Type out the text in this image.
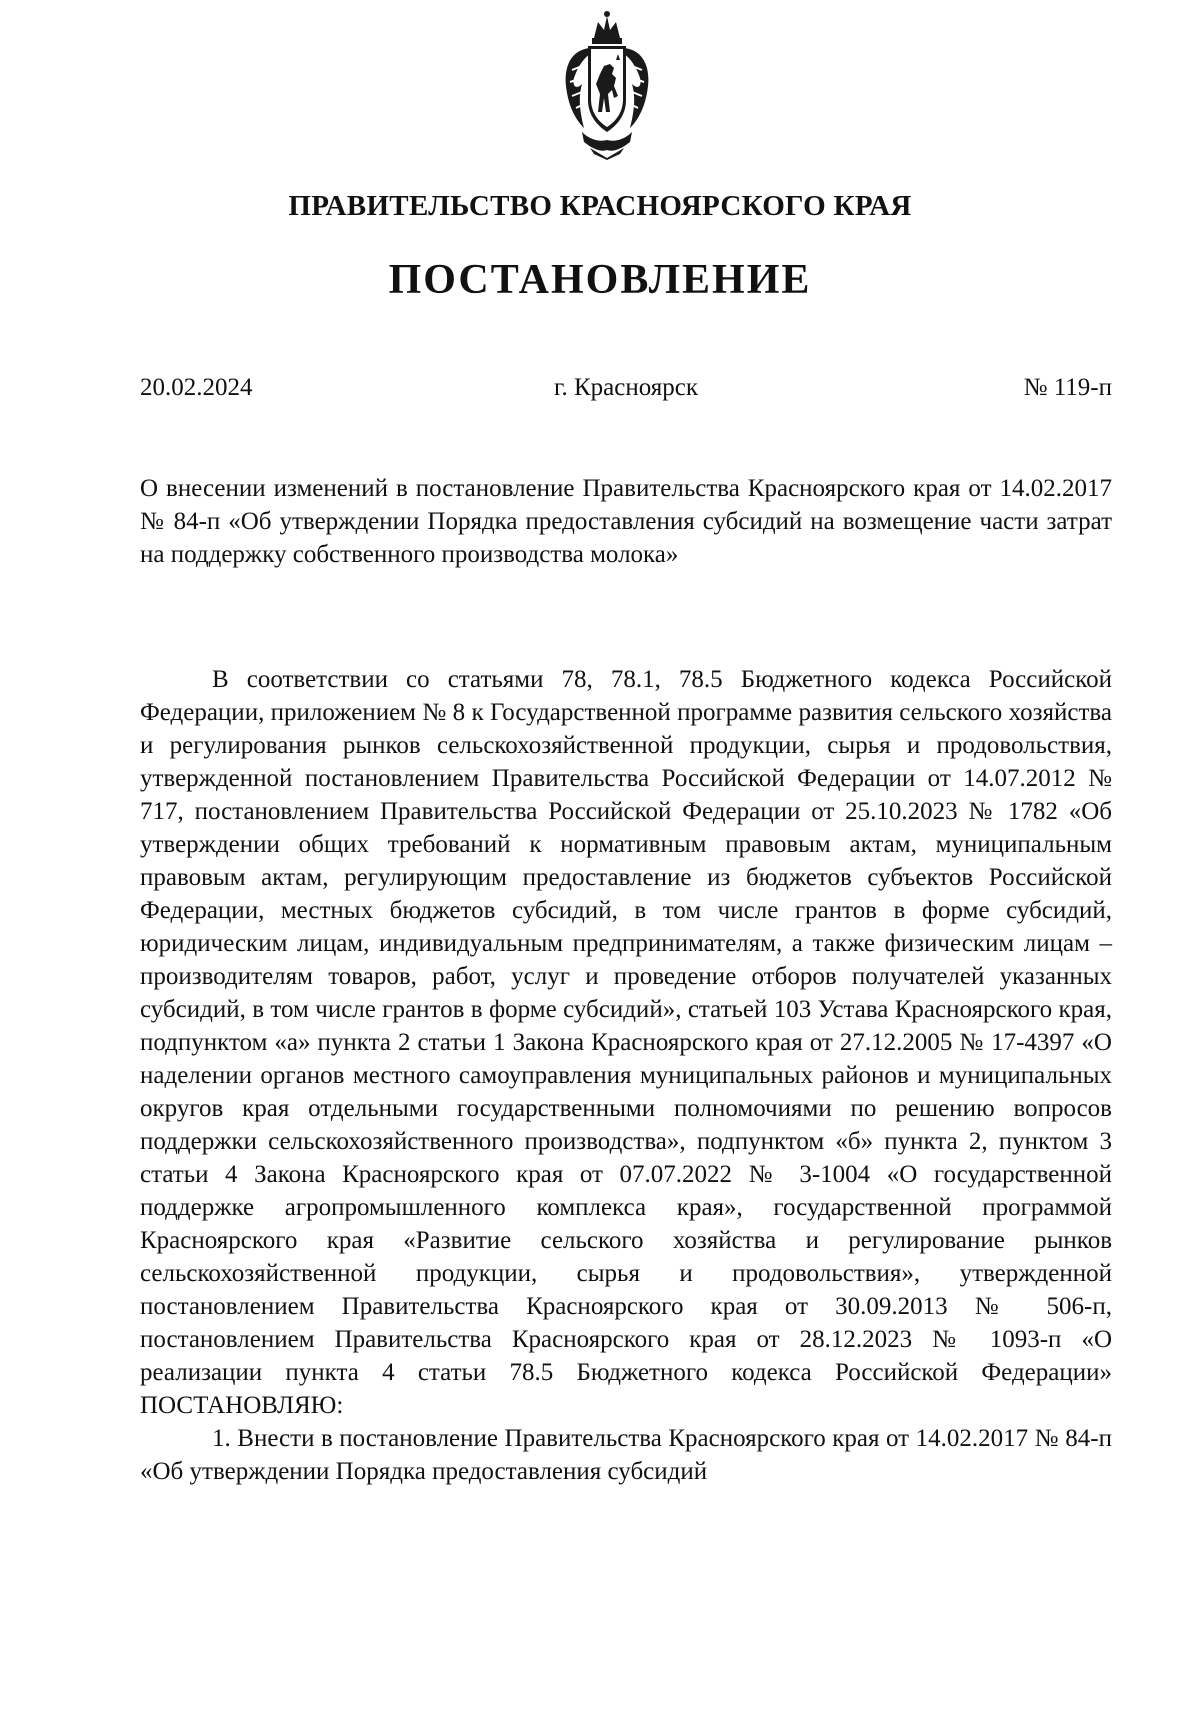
ПРАВИТЕЛЬСТВО КРАСНОЯРСКОГО КРАЯ
ПОСТАНОВЛЕНИЕ
20.02.2024	г. Красноярск	№ 119-п
О внесении изменений в постановление Правительства Красноярского края от 14.02.2017 № 84-п «Об утверждении Порядка предоставления субсидий на возмещение части затрат на поддержку собственного производства молока»

В соответствии со статьями 78, 78.1, 78.5 Бюджетного кодекса Российской Федерации, приложением № 8 к Государственной программе развития сельского хозяйства и регулирования рынков сельскохозяйственной продукции, сырья и продовольствия, утвержденной постановлением Правительства Российской Федерации от 14.07.2012 № 717, постановлением Правительства Российской Федерации от 25.10.2023 № 1782 «Об утверждении общих требований к нормативным правовым актам, муниципальным правовым актам, регулирующим предоставление из бюджетов субъектов Российской Федерации, местных бюджетов субсидий, в том числе грантов в форме субсидий, юридическим лицам, индивидуальным предпринимателям, а также физическим лицам – производителям товаров, работ, услуг и проведение отборов получателей указанных субсидий, в том числе грантов в форме субсидий», статьей 103 Устава Красноярского края, подпунктом «а» пункта 2 статьи 1 Закона Красноярского края от 27.12.2005 № 17-4397 «О наделении органов местного самоуправления муниципальных районов и муниципальных округов края отдельными государственными полномочиями по решению вопросов поддержки сельскохозяйственного производства», подпунктом «б» пункта 2, пунктом 3 статьи 4 Закона Красноярского края от 07.07.2022 № 3-1004 «О государственной поддержке агропромышленного комплекса края», государственной программой Красноярского края «Развитие сельского хозяйства и регулирование рынков сельскохозяйственной продукции, сырья и продовольствия», утвержденной постановлением Правительства Красноярского края от 30.09.2013 № 506-п, постановлением Правительства Красноярского края от 28.12.2023 № 1093-п «О реализации пункта 4 статьи 78.5 Бюджетного кодекса Российской Федерации» ПОСТАНОВЛЯЮ:

1. Внести в постановление Правительства Красноярского края от 14.02.2017 № 84-п «Об утверждении Порядка предоставления субсидий
